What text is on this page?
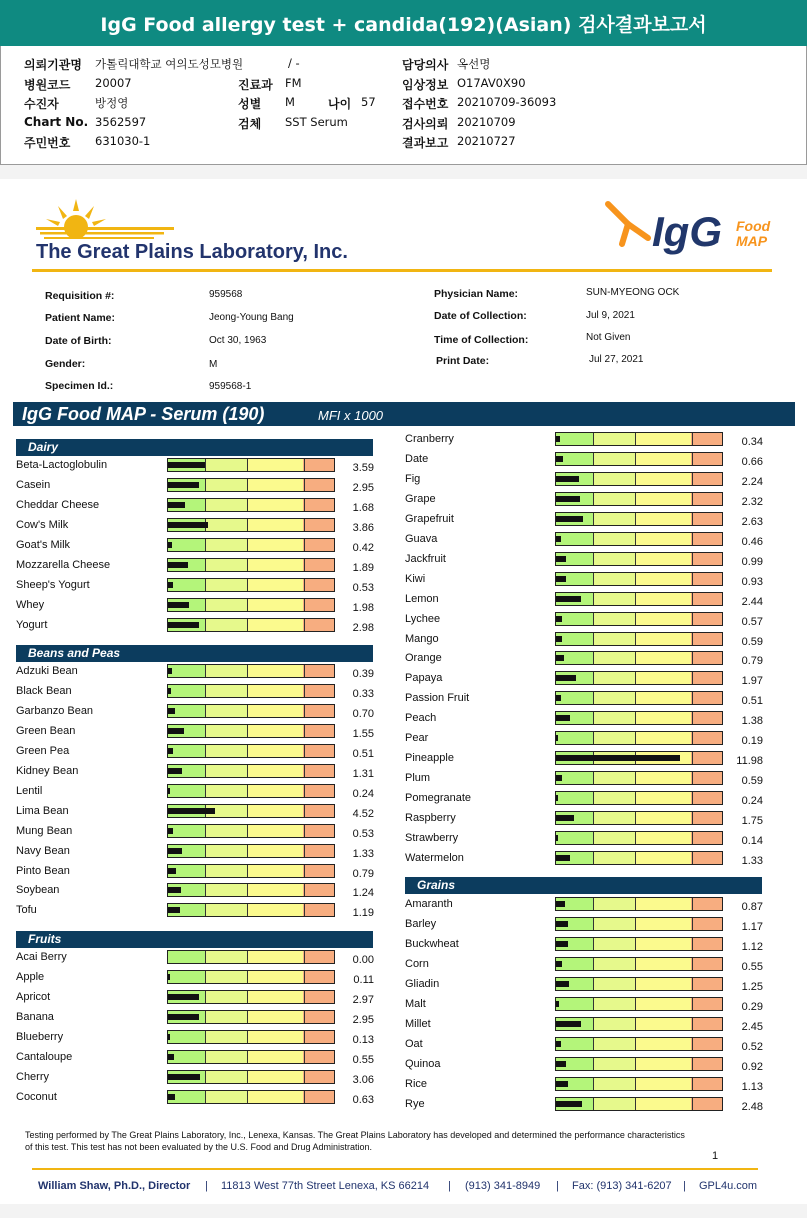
IgG Food allergy test + candida(192)(Asian) 검사결과보고서
의뢰기관명 가톨릭대학교 여의도성모병원	/ -
병원코드 20007
수진자	방정영
Chart No. 3562597
주민번호 631030-1
진료과 FM
성별 M	나이 57
검체 SST Serum
담당의사 옥선명
임상정보 O17AV0X90
접수번호 20210709-36093
검사의뢰 20210709
결과보고 20210727
The Great Plains Laboratory, Inc.	IgG Food
MAP
Requisition #:	959568
Patient Name:	Jeong-Young Bang
Date of Birth:	Oct 30, 1963
Gender:	M
Specimen Id.:	959568-1
Physician Name:	SUN-MYEONG OCK
Date of Collection:	Jul 9, 2021
Time of Collection:	Not Given
Print Date:	Jul 27, 2021
IgG Food MAP - Serum (190)	MFI x 1000
Dairy
Beta-Lactoglobulin	3.59
Casein	2.95
Cheddar Cheese	1.68
Cow's Milk	3.86
Goat's Milk	0.42
Mozzarella Cheese	1.89
Sheep's Yogurt	0.53
Whey	1.98
Yogurt	2.98
Beans and Peas
Adzuki Bean	0.39
Black Bean	0.33
Garbanzo Bean	0.70
Green Bean	1.55
Green Pea	0.51
Kidney Bean	1.31
Lentil	0.24
Lima Bean	4.52
Mung Bean	0.53
Navy Bean	1.33
Pinto Bean	0.79
Soybean	1.24
Tofu	1.19
Fruits
Acai Berry	0.00
Apple	0.11
Apricot	2.97
Banana	2.95
Blueberry	0.13
Cantaloupe	0.55
Cherry	3.06
Coconut	0.63
Cranberry	0.34
Date	0.66
Fig	2.24
Grape	2.32
Grapefruit	2.63
Guava	0.46
Jackfruit	0.99
Kiwi	0.93
Lemon	2.44
Lychee	0.57
Mango	0.59
Orange	0.79
Papaya	1.97
Passion Fruit	0.51
Peach	1.38
Pear	0.19
Pineapple	11.98
Plum	0.59
Pomegranate	0.24
Raspberry	1.75
Strawberry	0.14
Watermelon	1.33
Grains
Amaranth	0.87
Barley	1.17
Buckwheat	1.12
Corn	0.55
Gliadin	1.25
Malt	0.29
Millet	2.45
Oat	0.52
Quinoa	0.92
Rice	1.13
Rye	2.48
Testing performed by The Great Plains Laboratory, Inc., Lenexa, Kansas. The Great Plains Laboratory has developed and determined the performance characteristics of this test. This test has not been evaluated by the U.S. Food and Drug Administration.
1
William Shaw, Ph.D., Director | 11813 West 77th Street Lenexa, KS 66214 | (913) 341-8949 | Fax: (913) 341-6207 | GPL4u.com
